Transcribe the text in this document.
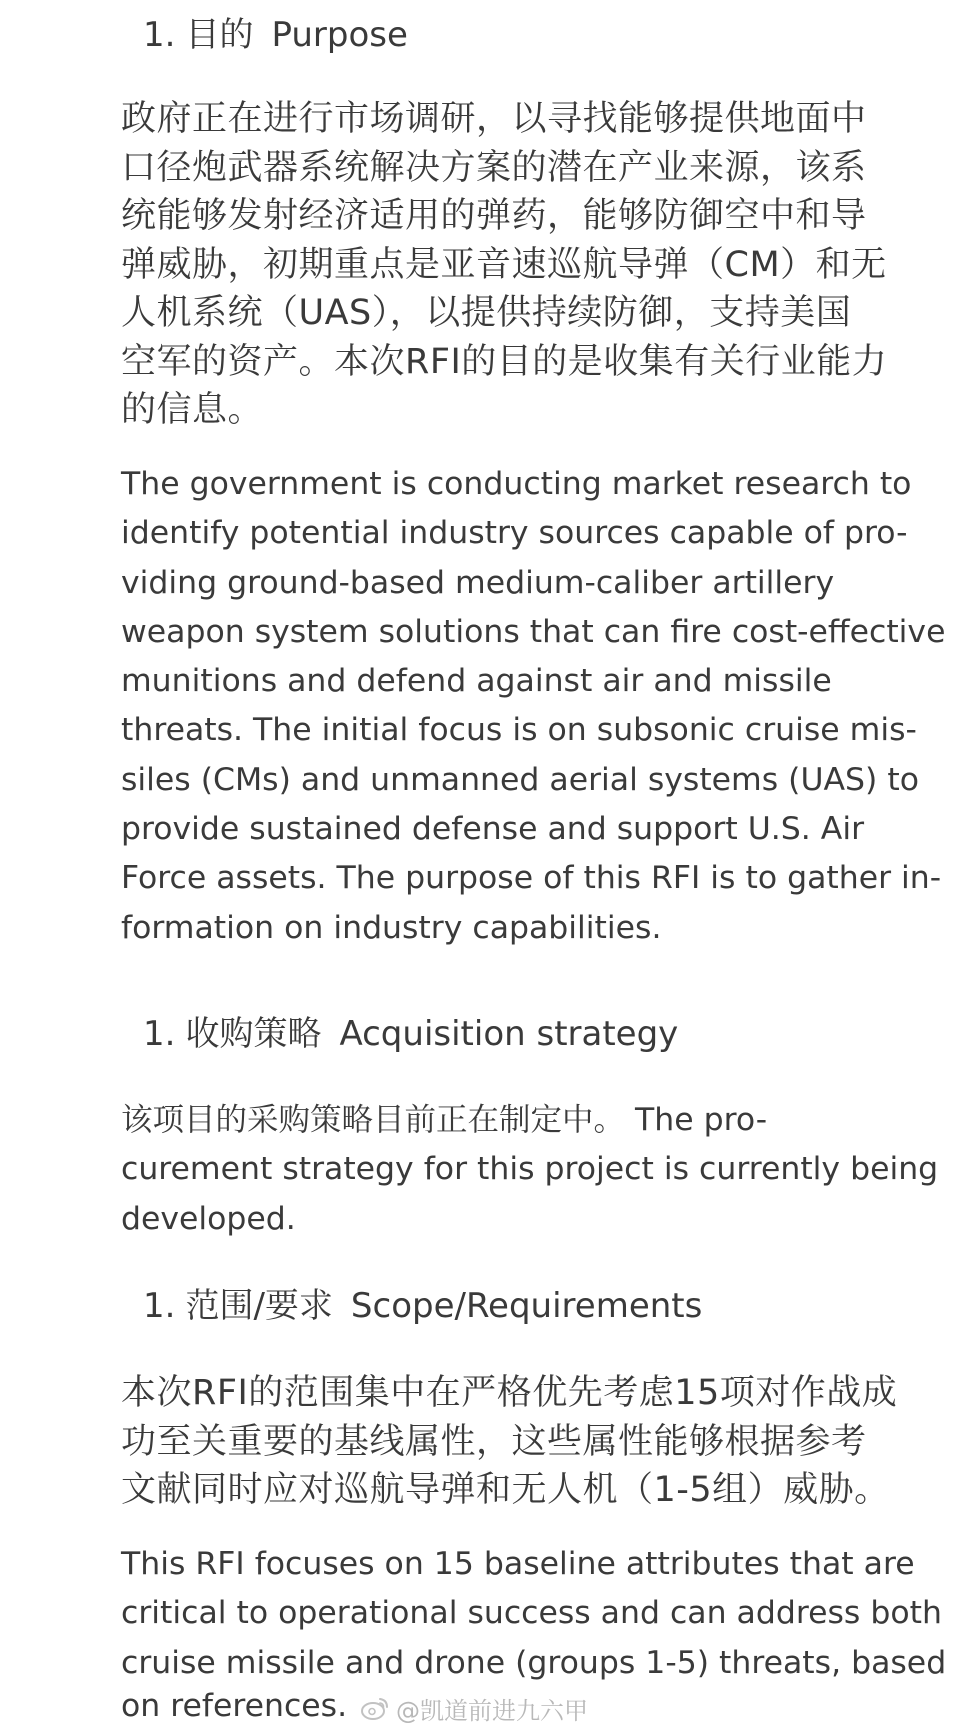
1. 目的 Purpose
政府正在进行市场调研，以寻找能够提供地面中
口径炮武器系统解决方案的潜在产业来源，该系
统能够发射经济适用的弹药，能够防御空中和导
弹威胁，初期重点是亚音速巡航导弹（CM）和无
人机系统（UAS），以提供持续防御，支持美国
空军的资产。本次RFI的目的是收集有关行业能力
的信息。
The government is conducting market research to
identify potential industry sources capable of pro-
viding ground-based medium-caliber artillery
weapon system solutions that can fire cost-effective
munitions and defend against air and missile
threats. The initial focus is on subsonic cruise mis-
siles (CMs) and unmanned aerial systems (UAS) to
provide sustained defense and support U.S. Air
Force assets. The purpose of this RFI is to gather in-
formation on industry capabilities.
1. 收购策略 Acquisition strategy
该项目的采购策略目前正在制定中。 The pro-
curement strategy for this project is currently being
developed.
1. 范围/要求 Scope/Requirements
本次RFI的范围集中在严格优先考虑15项对作战成
功至关重要的基线属性，这些属性能够根据参考
文献同时应对巡航导弹和无人机（1-5组）威胁。
This RFI focuses on 15 baseline attributes that are
critical to operational success and can address both
cruise missile and drone (groups 1-5) threats, based
on references. @凯道前进九六甲
